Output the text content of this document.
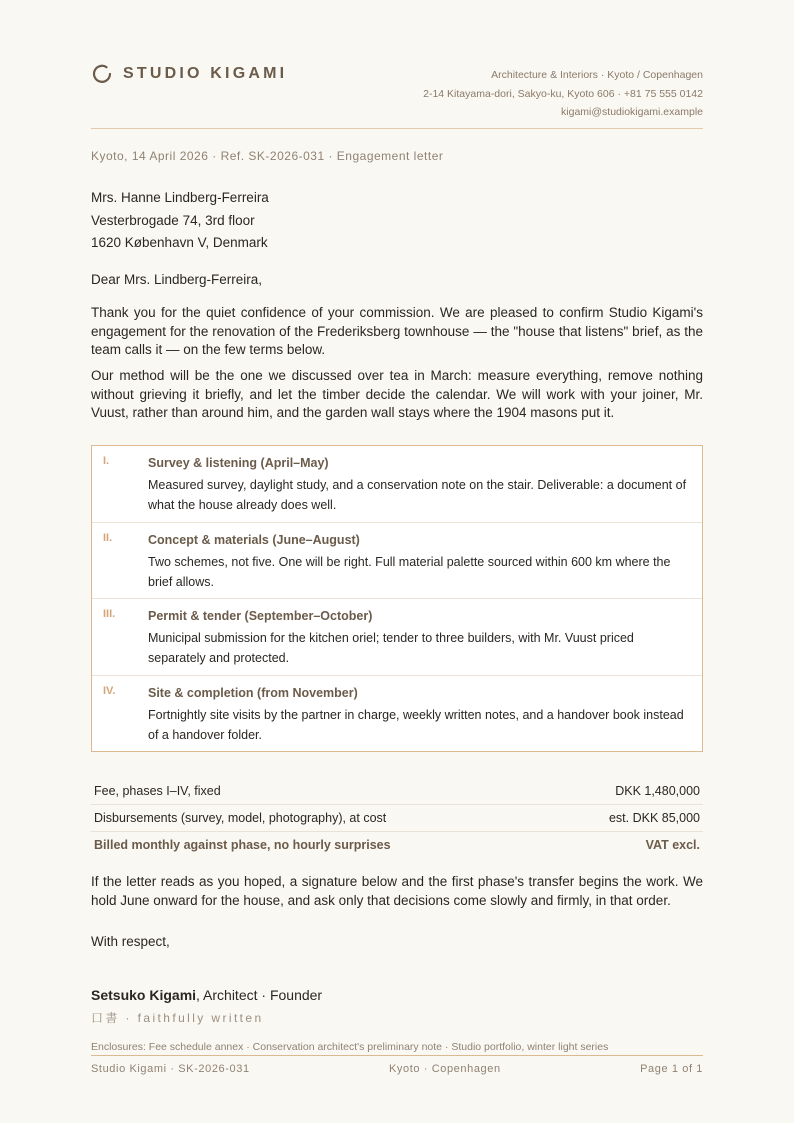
STUDIO KIGAMI	Architecture & Interiors · Kyoto / Copenhagen
2-14 Kitayama-dori, Sakyo-ku, Kyoto 606 · +81 75 555 0142
kigami@studiokigami.example
Kyoto, 14 April 2026 · Ref. SK-2026-031 · Engagement letter
Mrs. Hanne Lindberg-Ferreira
Vesterbrogade 74, 3rd floor
1620 København V, Denmark
Dear Mrs. Lindberg-Ferreira,
Thank you for the quiet confidence of your commission. We are pleased to confirm Studio Kigami's engagement for the renovation of the Frederiksberg townhouse — the "house that listens" brief, as the team calls it — on the few terms below.
Our method will be the one we discussed over tea in March: measure everything, remove nothing without grieving it briefly, and let the timber decide the calendar. We will work with your joiner, Mr. Vuust, rather than around him, and the garden wall stays where the 1904 masons put it.
I.	Survey & listening (April–May)
Measured survey, daylight study, and a conservation note on the stair. Deliverable: a document of what the house already does well.
II.	Concept & materials (June–August)
Two schemes, not five. One will be right. Full material palette sourced within 600 km where the brief allows.
III.	Permit & tender (September–October)
Municipal submission for the kitchen oriel; tender to three builders, with Mr. Vuust priced separately and protected.
IV.	Site & completion (from November)
Fortnightly site visits by the partner in charge, weekly written notes, and a handover book instead of a handover folder.
Fee, phases I–IV, fixed	DKK 1,480,000
Disbursements (survey, model, photography), at cost	est. DKK 85,000
Billed monthly against phase, no hourly surprises	VAT excl.
If the letter reads as you hoped, a signature below and the first phase's transfer begins the work. We hold June onward for the house, and ask only that decisions come slowly and firmly, in that order.
With respect,
Setsuko Kigami, Architect · Founder
口書 · faithfully written
Enclosures: Fee schedule annex · Conservation architect's preliminary note · Studio portfolio, winter light series
Studio Kigami · SK-2026-031	Kyoto · Copenhagen	Page 1 of 1
